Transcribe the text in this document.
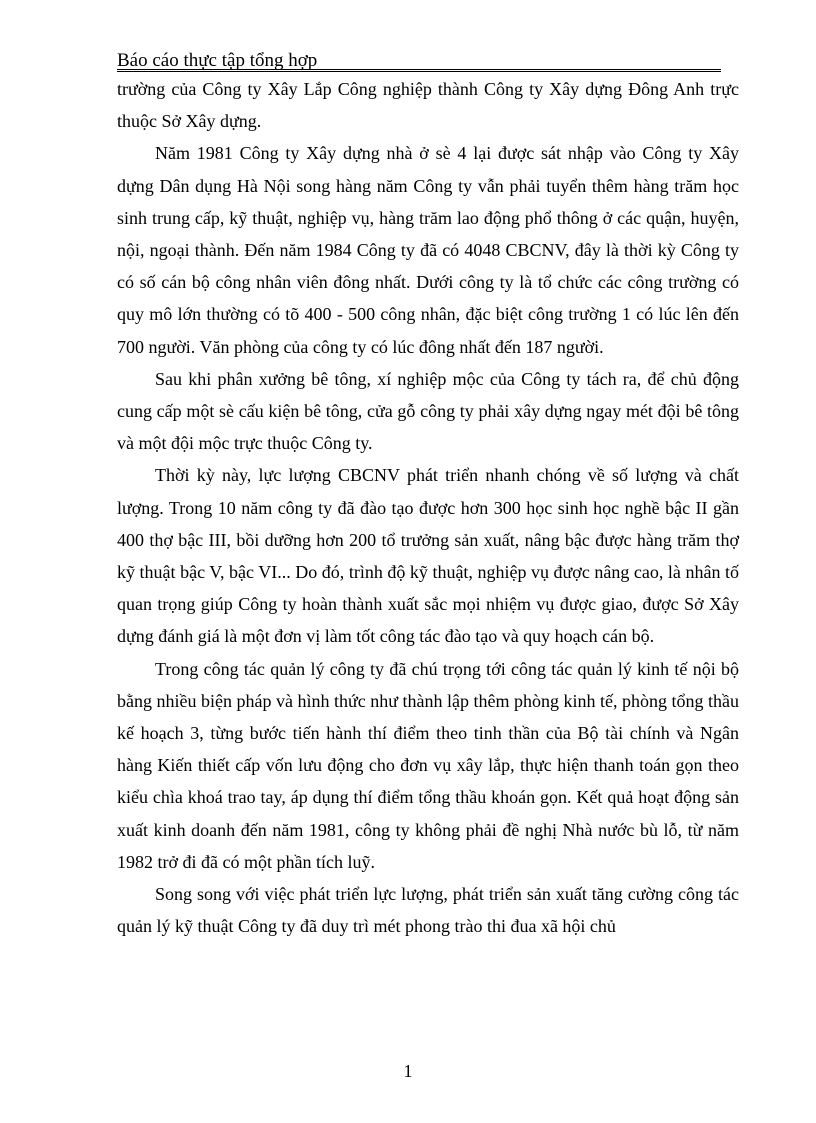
Báo cáo thực tập tổng hợp

trường của Công ty Xây Lắp Công nghiệp thành Công ty Xây dựng Đông Anh trực thuộc Sở Xây dựng.

Năm 1981 Công ty Xây dựng nhà ở sè 4 lại được sát nhập vào Công ty Xây dựng Dân dụng Hà Nội song hàng năm Công ty vẫn phải tuyển thêm hàng trăm học sinh trung cấp, kỹ thuật, nghiệp vụ, hàng trăm lao động phổ thông ở các quận, huyện, nội, ngoại thành. Đến năm 1984 Công ty đã có 4048 CBCNV, đây là thời kỳ Công ty có số cán bộ công nhân viên đông nhất. Dưới công ty là tổ chức các công trường có quy mô lớn thường có tõ 400 - 500 công nhân, đặc biệt công trường 1 có lúc lên đến 700 người. Văn phòng của công ty có lúc đông nhất đến 187 người.

Sau khi phân xưởng bê tông, xí nghiệp mộc của Công ty tách ra, để chủ động cung cấp một sè cấu kiện bê tông, cửa gỗ công ty phải xây dựng ngay mét đội bê tông và một đội mộc trực thuộc Công ty.

Thời kỳ này, lực lượng CBCNV phát triển nhanh chóng về số lượng và chất lượng. Trong 10 năm công ty đã đào tạo được hơn 300 học sinh học nghề bậc II gần 400 thợ bậc III, bồi dưỡng hơn 200 tổ trưởng sản xuất, nâng bậc được hàng trăm thợ kỹ thuật bậc V, bậc VI... Do đó, trình độ kỹ thuật, nghiệp vụ được nâng cao, là nhân tố quan trọng giúp Công ty hoàn thành xuất sắc mọi nhiệm vụ được giao, được Sở Xây dựng đánh giá là một đơn vị làm tốt công tác đào tạo và quy hoạch cán bộ.

Trong công tác quản lý công ty đã chú trọng tới công tác quản lý kinh tế nội bộ bằng nhiều biện pháp và hình thức như thành lập thêm phòng kinh tế, phòng tổng thầu kế hoạch 3, từng bước tiến hành thí điểm theo tinh thần của Bộ tài chính và Ngân hàng Kiến thiết cấp vốn lưu động cho đơn vụ xây lắp, thực hiện thanh toán gọn theo kiểu chìa khoá trao tay, áp dụng thí điểm tổng thầu khoán gọn. Kết quả hoạt động sản xuất kinh doanh đến năm 1981, công ty không phải đề nghị Nhà nước bù lỗ, từ năm 1982 trở đi đã có một phần tích luỹ.

Song song với việc phát triển lực lượng, phát triển sản xuất tăng cường công tác quản lý kỹ thuật Công ty đã duy trì mét phong trào thi đua xã hội chủ

1
